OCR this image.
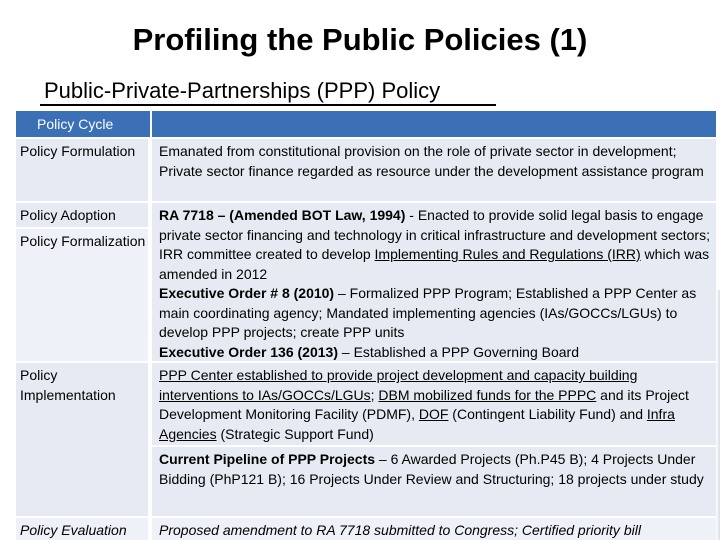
Profiling the Public Policies (1)
Public-Private-Partnerships (PPP) Policy
Policy Cycle
Policy Formulation	Emanated from constitutional provision on the role of private sector in development; Private sector finance regarded as resource under the development assistance program
Policy Adoption
Policy Formalization
RA 7718 – (Amended BOT Law, 1994) - Enacted to provide solid legal basis to engage private sector financing and technology in critical infrastructure and development sectors; IRR committee created to develop Implementing Rules and Regulations (IRR) which was amended in 2012
Executive Order # 8 (2010) – Formalized PPP Program; Established a PPP Center as main coordinating agency; Mandated implementing agencies (IAs/GOCCs/LGUs) to develop PPP projects; create PPP units
Executive Order 136 (2013) – Established a PPP Governing Board
Policy Implementation
PPP Center established to provide project development and capacity building interventions to IAs/GOCCs/LGUs; DBM mobilized funds for the PPPC and its Project Development Monitoring Facility (PDMF), DOF (Contingent Liability Fund) and Infra Agencies (Strategic Support Fund)
Current Pipeline of PPP Projects – 6 Awarded Projects (Ph.P45 B); 4 Projects Under Bidding (PhP121 B); 16 Projects Under Review and Structuring; 18 projects under study
Policy Evaluation	Proposed amendment to RA 7718 submitted to Congress; Certified priority bill
